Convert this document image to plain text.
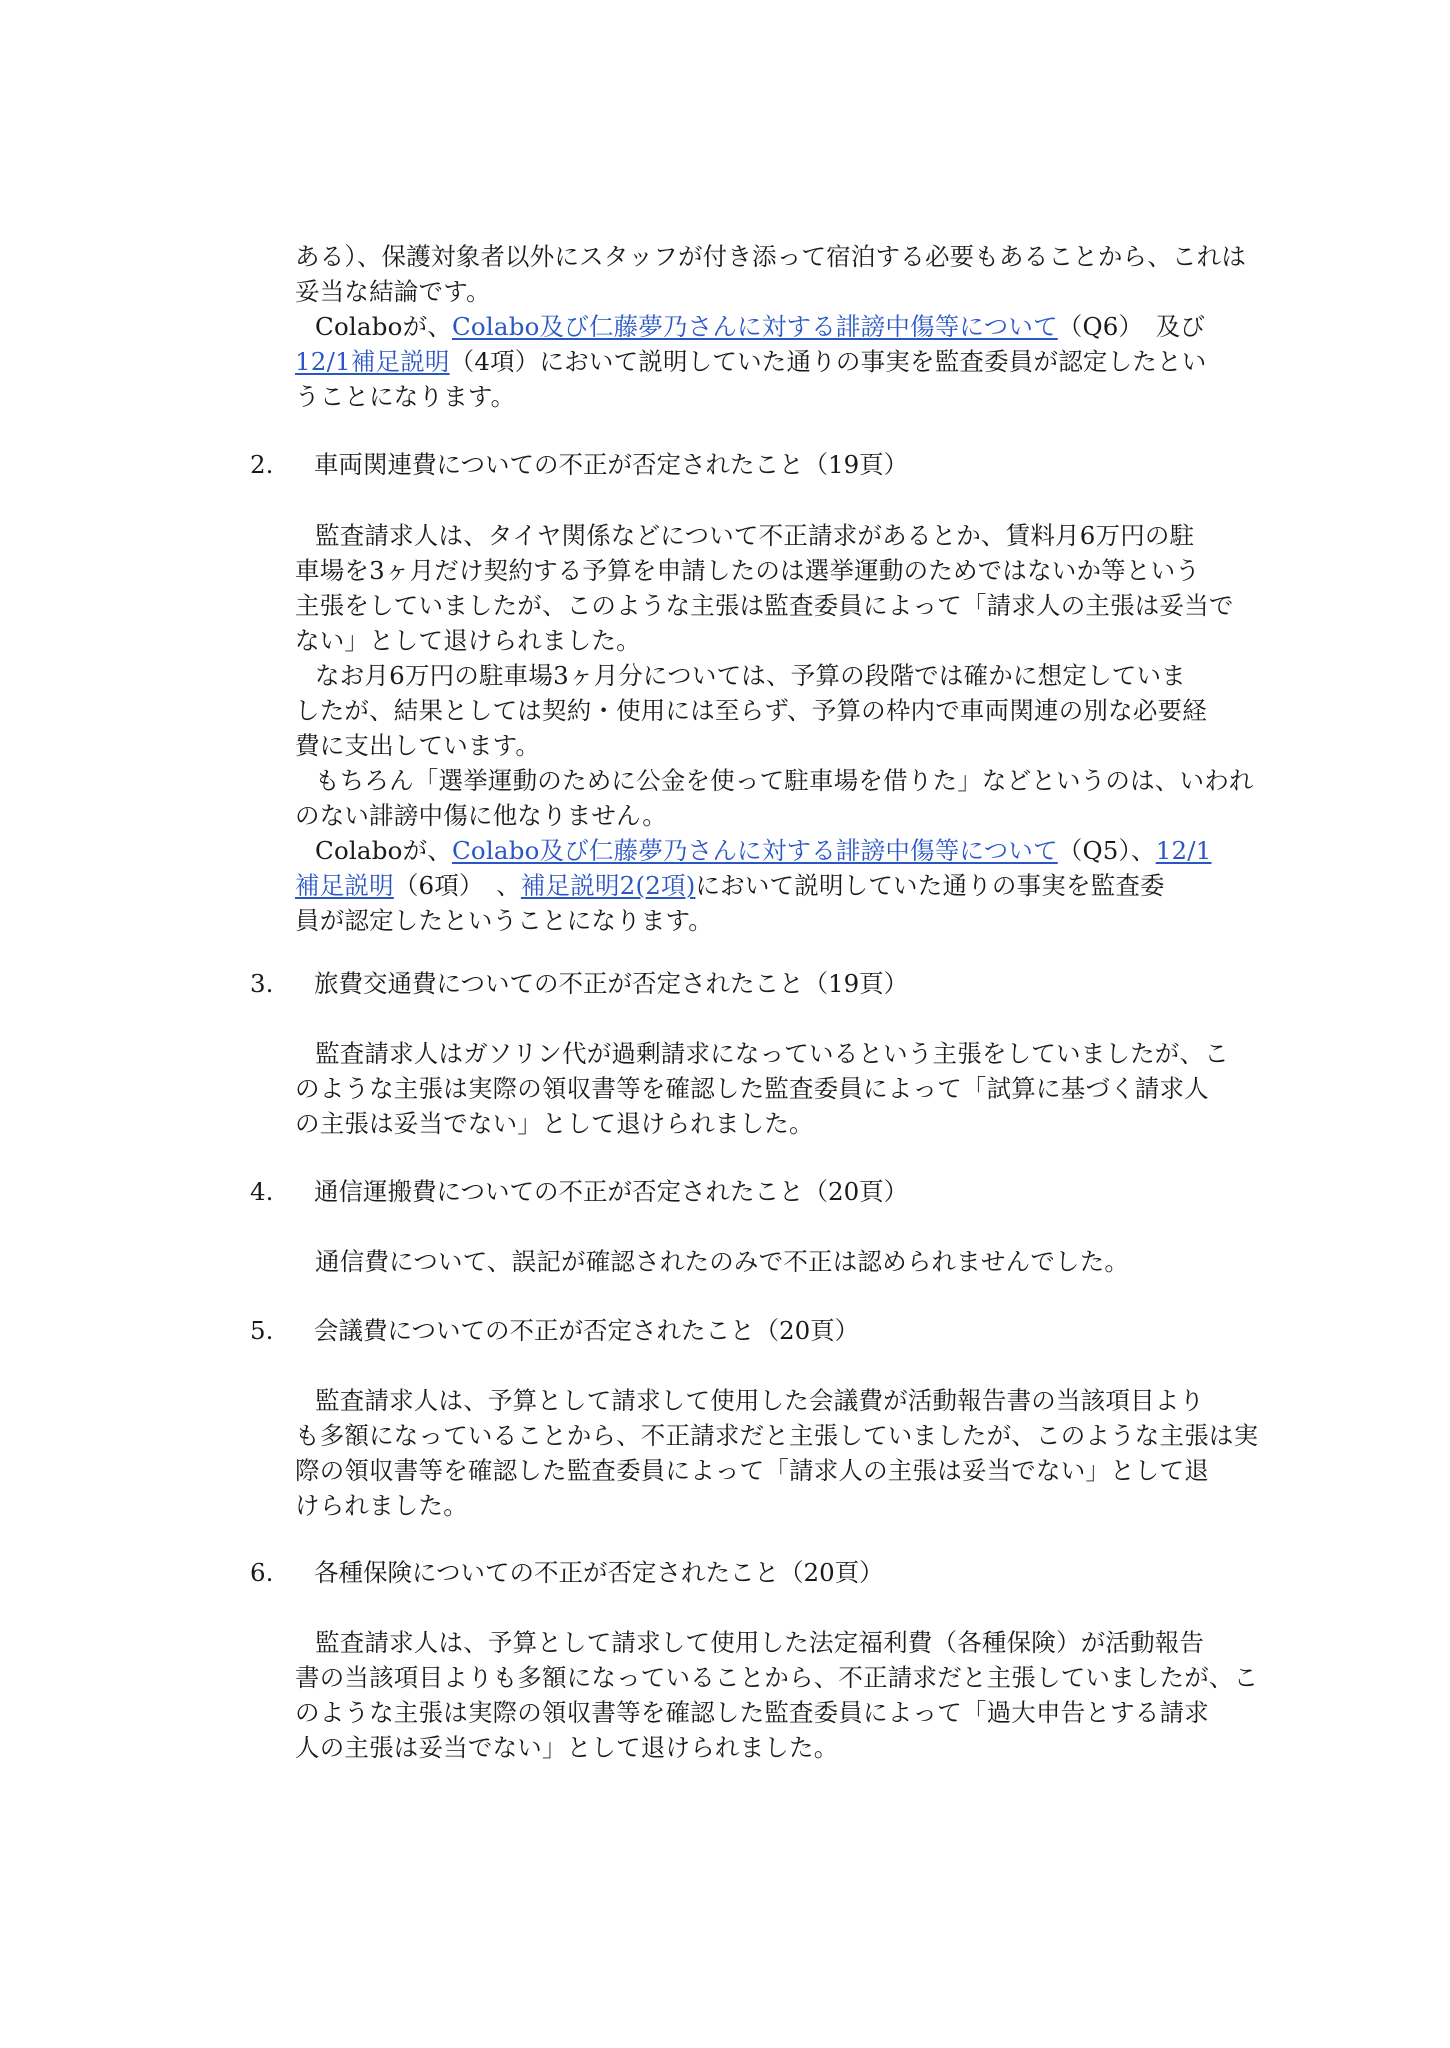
ある）、保護対象者以外にスタッフが付き添って宿泊する必要もあることから、これは
妥当な結論です。
Colaboが、Colabo及び仁藤夢乃さんに対する誹謗中傷等について（Q6）　及び
12/1補足説明（4項）において説明していた通りの事実を監査委員が認定したとい
うことになります。
2. 車両関連費についての不正が否定されたこと（19頁）
監査請求人は、タイヤ関係などについて不正請求があるとか、賃料月6万円の駐
車場を3ヶ月だけ契約する予算を申請したのは選挙運動のためではないか等という
主張をしていましたが、このような主張は監査委員によって「請求人の主張は妥当で
ない」として退けられました。
なお月6万円の駐車場3ヶ月分については、予算の段階では確かに想定していま
したが、結果としては契約・使用には至らず、予算の枠内で車両関連の別な必要経
費に支出しています。
もちろん「選挙運動のために公金を使って駐車場を借りた」などというのは、いわれ
のない誹謗中傷に他なりません。
Colaboが、Colabo及び仁藤夢乃さんに対する誹謗中傷等について（Q5）、12/1
補足説明（6項）　、補足説明2(2項)において説明していた通りの事実を監査委
員が認定したということになります。
3. 旅費交通費についての不正が否定されたこと（19頁）
監査請求人はガソリン代が過剰請求になっているという主張をしていましたが、こ
のような主張は実際の領収書等を確認した監査委員によって「試算に基づく請求人
の主張は妥当でない」として退けられました。
4. 通信運搬費についての不正が否定されたこと（20頁）
通信費について、誤記が確認されたのみで不正は認められませんでした。
5. 会議費についての不正が否定されたこと（20頁）
監査請求人は、予算として請求して使用した会議費が活動報告書の当該項目より
も多額になっていることから、不正請求だと主張していましたが、このような主張は実
際の領収書等を確認した監査委員によって「請求人の主張は妥当でない」として退
けられました。
6. 各種保険についての不正が否定されたこと（20頁）
監査請求人は、予算として請求して使用した法定福利費（各種保険）が活動報告
書の当該項目よりも多額になっていることから、不正請求だと主張していましたが、こ
のような主張は実際の領収書等を確認した監査委員によって「過大申告とする請求
人の主張は妥当でない」として退けられました。
